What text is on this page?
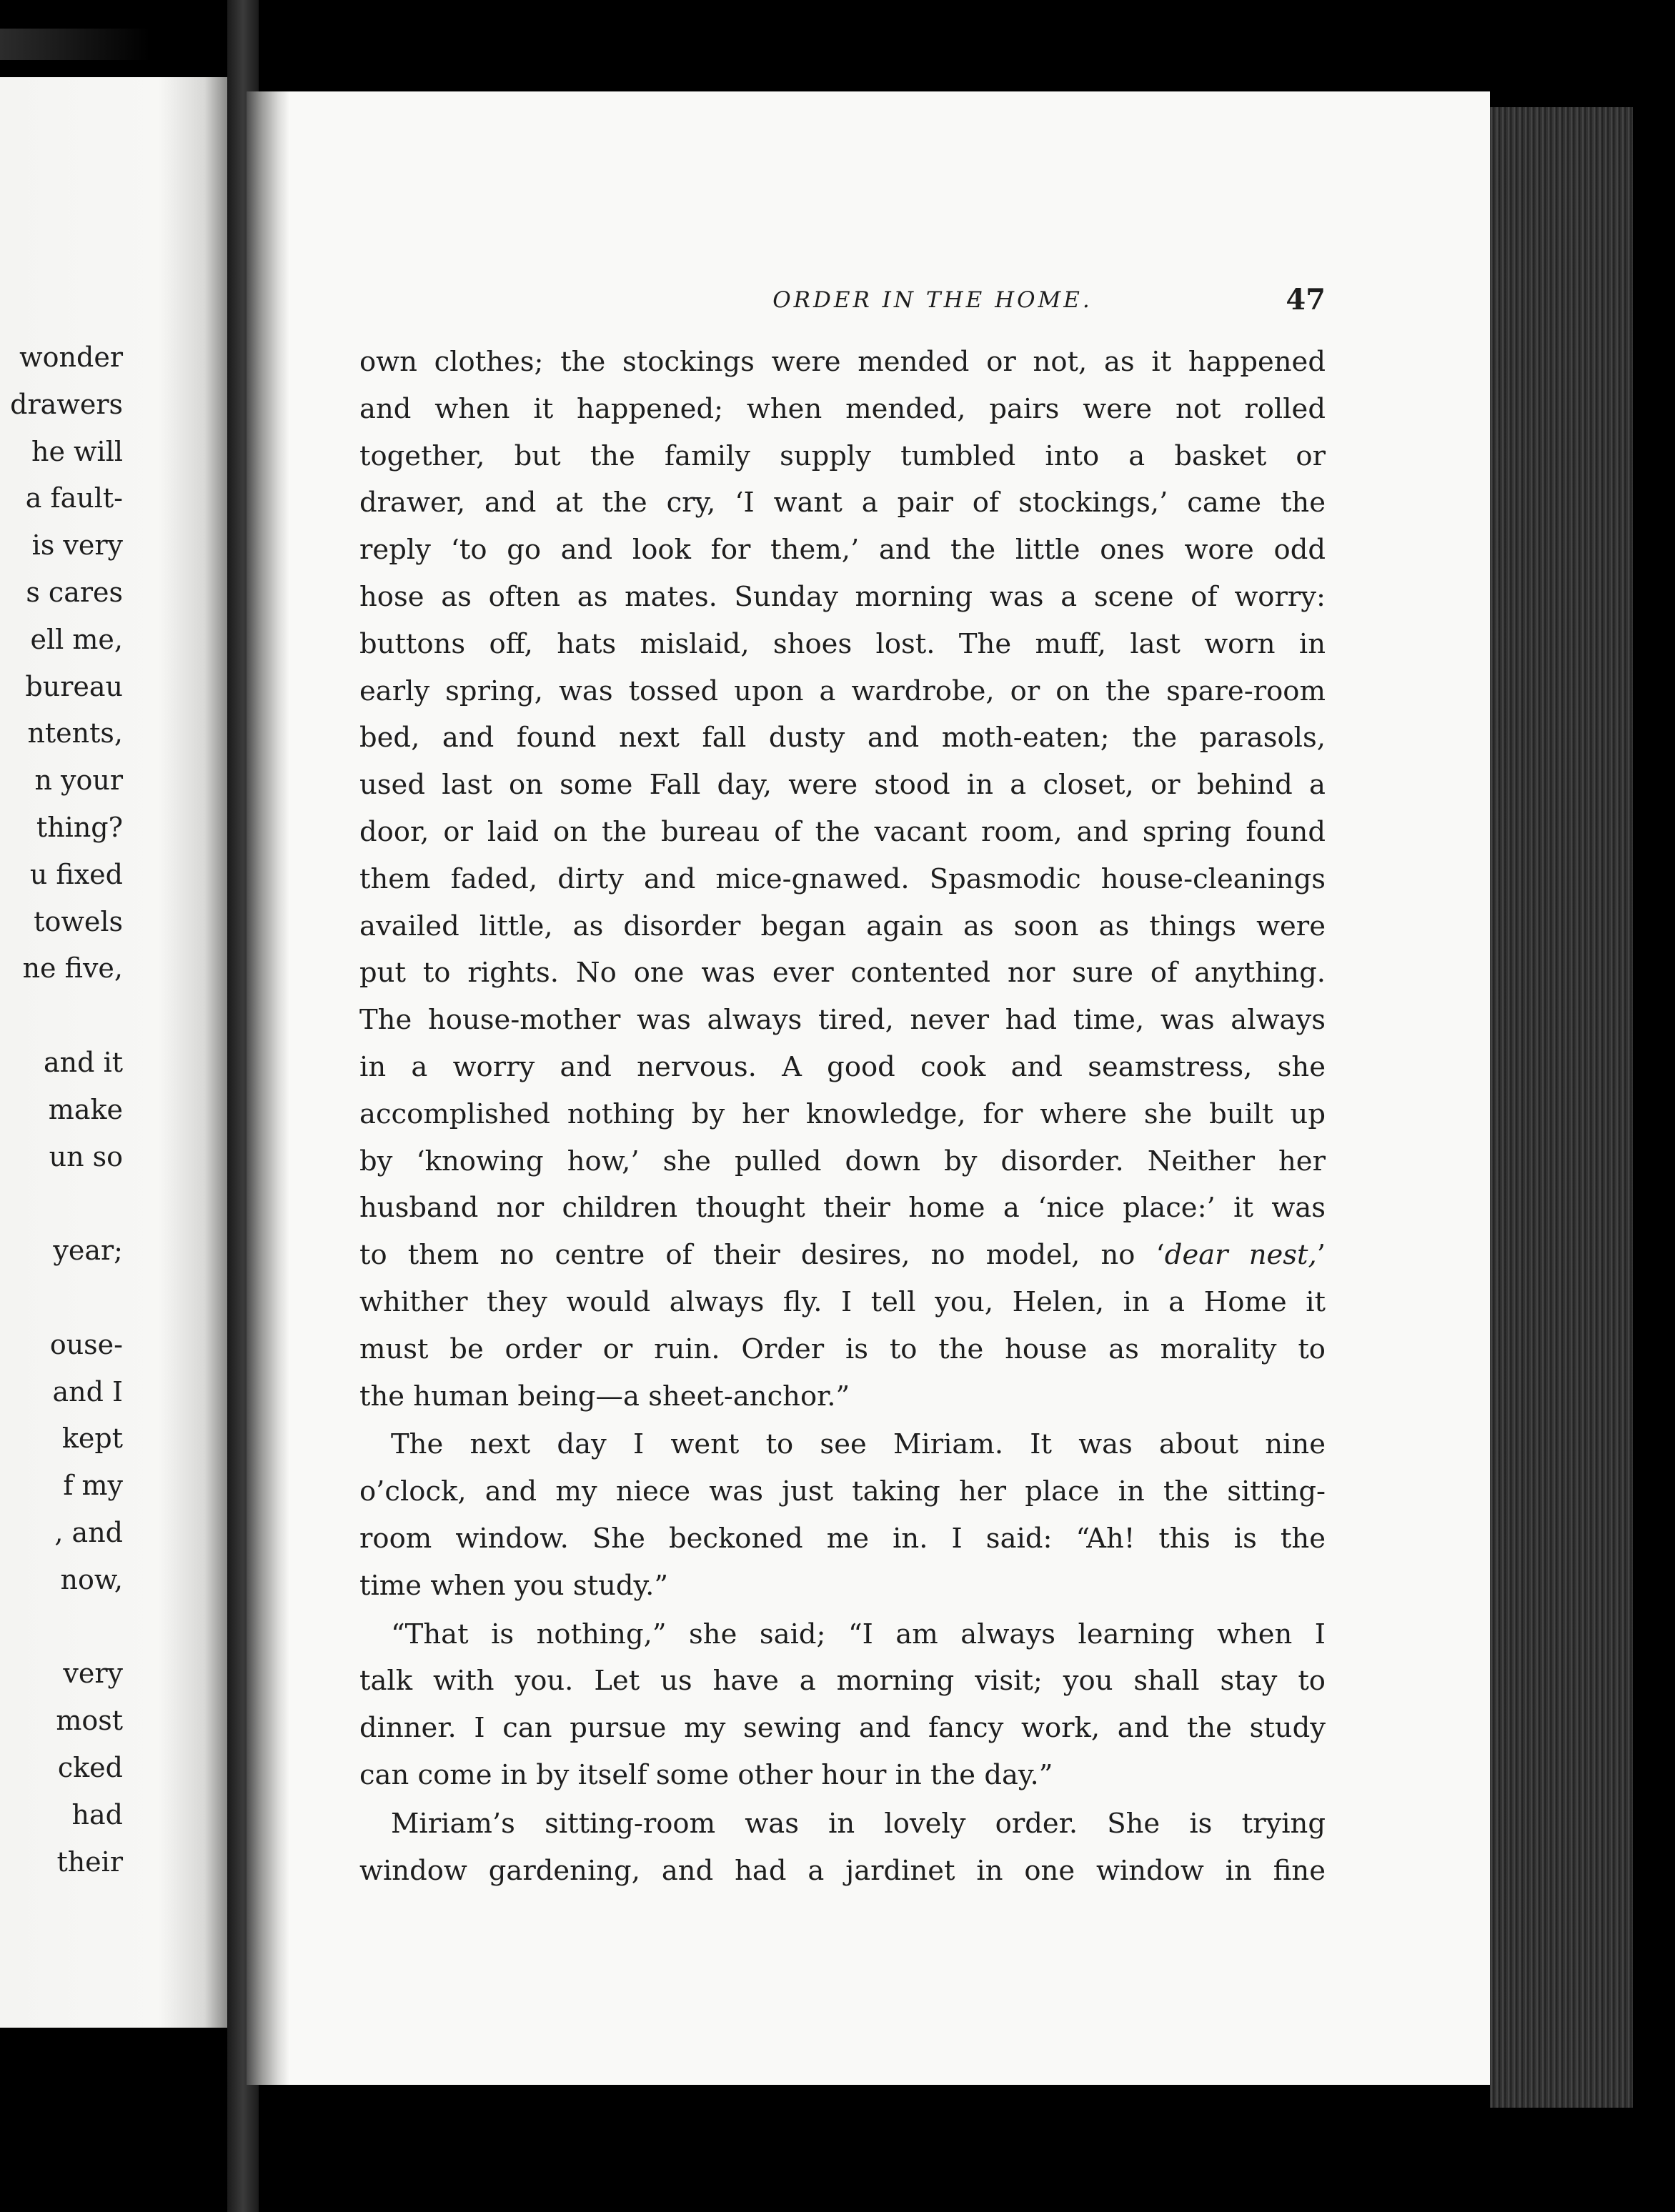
wonder
drawers
he will
a fault-
is very
s cares
ell me,
bureau
ntents,
n your
thing?
u fixed
towels
ne five,
and it
make
un so
year;
ouse-
and I
kept
f my
, and
now,
very
most
cked
had
their
ORDER IN THE HOME.	47
own clothes; the stockings were mended or not, as it happened
and when it happened; when mended, pairs were not rolled
together, but the family supply tumbled into a basket or
drawer, and at the cry, ‘I want a pair of stockings,’ came the
reply ‘to go and look for them,’ and the little ones wore odd
hose as often as mates. Sunday morning was a scene of worry:
buttons off, hats mislaid, shoes lost. The muff, last worn in
early spring, was tossed upon a wardrobe, or on the spare-room
bed, and found next fall dusty and moth-eaten; the parasols,
used last on some Fall day, were stood in a closet, or behind a
door, or laid on the bureau of the vacant room, and spring found
them faded, dirty and mice-gnawed. Spasmodic house-cleanings
availed little, as disorder began again as soon as things were
put to rights. No one was ever contented nor sure of anything.
The house-mother was always tired, never had time, was always
in a worry and nervous. A good cook and seamstress, she
accomplished nothing by her knowledge, for where she built up
by ‘knowing how,’ she pulled down by disorder. Neither her
husband nor children thought their home a ‘nice place:’ it was
to them no centre of their desires, no model, no ‘dear nest,’
whither they would always fly. I tell you, Helen, in a Home it
must be order or ruin. Order is to the house as morality to
the human being—a sheet-anchor.”
The next day I went to see Miriam. It was about nine
o’clock, and my niece was just taking her place in the sitting-
room window. She beckoned me in. I said: “Ah! this is the
time when you study.”
“That is nothing,” she said; “I am always learning when I
talk with you. Let us have a morning visit; you shall stay to
dinner. I can pursue my sewing and fancy work, and the study
can come in by itself some other hour in the day.”
Miriam’s sitting-room was in lovely order. She is trying
window gardening, and had a jardinet in one window in fine
